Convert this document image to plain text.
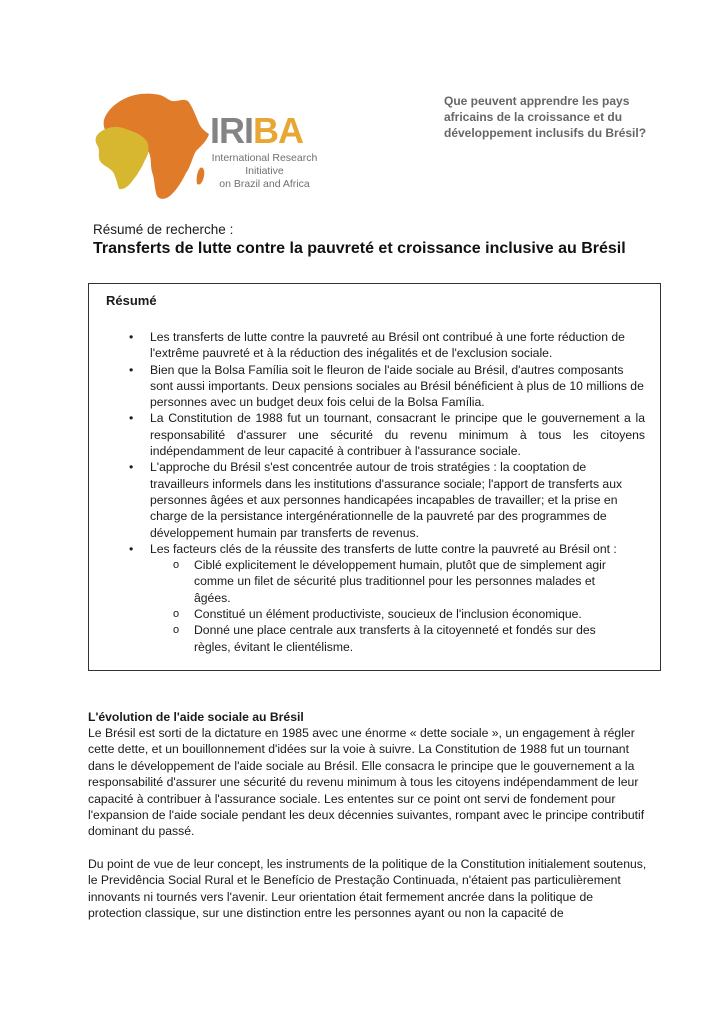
IRIBA
International Research Initiative
on Brazil and Africa
Que peuvent apprendre les pays africains de la croissance et du développement inclusifs du Brésil?
Résumé de recherche :
Transferts de lutte contre la pauvreté et croissance inclusive au Brésil
Résumé
• Les transferts de lutte contre la pauvreté au Brésil ont contribué à une forte réduction de l'extrême pauvreté et à la réduction des inégalités et de l'exclusion sociale.
• Bien que la Bolsa Família soit le fleuron de l'aide sociale au Brésil, d'autres composants sont aussi importants. Deux pensions sociales au Brésil bénéficient à plus de 10 millions de personnes avec un budget deux fois celui de la Bolsa Família.
• La Constitution de 1988 fut un tournant, consacrant le principe que le gouvernement a la responsabilité d'assurer une sécurité du revenu minimum à tous les citoyens indépendamment de leur capacité à contribuer à l'assurance sociale.
• L'approche du Brésil s'est concentrée autour de trois stratégies : la cooptation de travailleurs informels dans les institutions d'assurance sociale; l'apport de transferts aux personnes âgées et aux personnes handicapées incapables de travailler; et la prise en charge de la persistance intergénérationnelle de la pauvreté par des programmes de développement humain par transferts de revenus.
• Les facteurs clés de la réussite des transferts de lutte contre la pauvreté au Brésil ont :
o Ciblé explicitement le développement humain, plutôt que de simplement agir comme un filet de sécurité plus traditionnel pour les personnes malades et âgées.
o Constitué un élément productiviste, soucieux de l'inclusion économique.
o Donné une place centrale aux transferts à la citoyenneté et fondés sur des règles, évitant le clientélisme.
L'évolution de l'aide sociale au Brésil

Le Brésil est sorti de la dictature en 1985 avec une énorme « dette sociale », un engagement à régler cette dette, et un bouillonnement d'idées sur la voie à suivre. La Constitution de 1988 fut un tournant dans le développement de l'aide sociale au Brésil. Elle consacra le principe que le gouvernement a la responsabilité d'assurer une sécurité du revenu minimum à tous les citoyens indépendamment de leur capacité à contribuer à l'assurance sociale. Les ententes sur ce point ont servi de fondement pour l'expansion de l'aide sociale pendant les deux décennies suivantes, rompant avec le principe contributif dominant du passé.

Du point de vue de leur concept, les instruments de la politique de la Constitution initialement soutenus, le Previdência Social Rural et le Benefício de Prestação Continuada, n'étaient pas particulièrement innovants ni tournés vers l'avenir. Leur orientation était fermement ancrée dans la politique de protection classique, sur une distinction entre les personnes ayant ou non la capacité de
